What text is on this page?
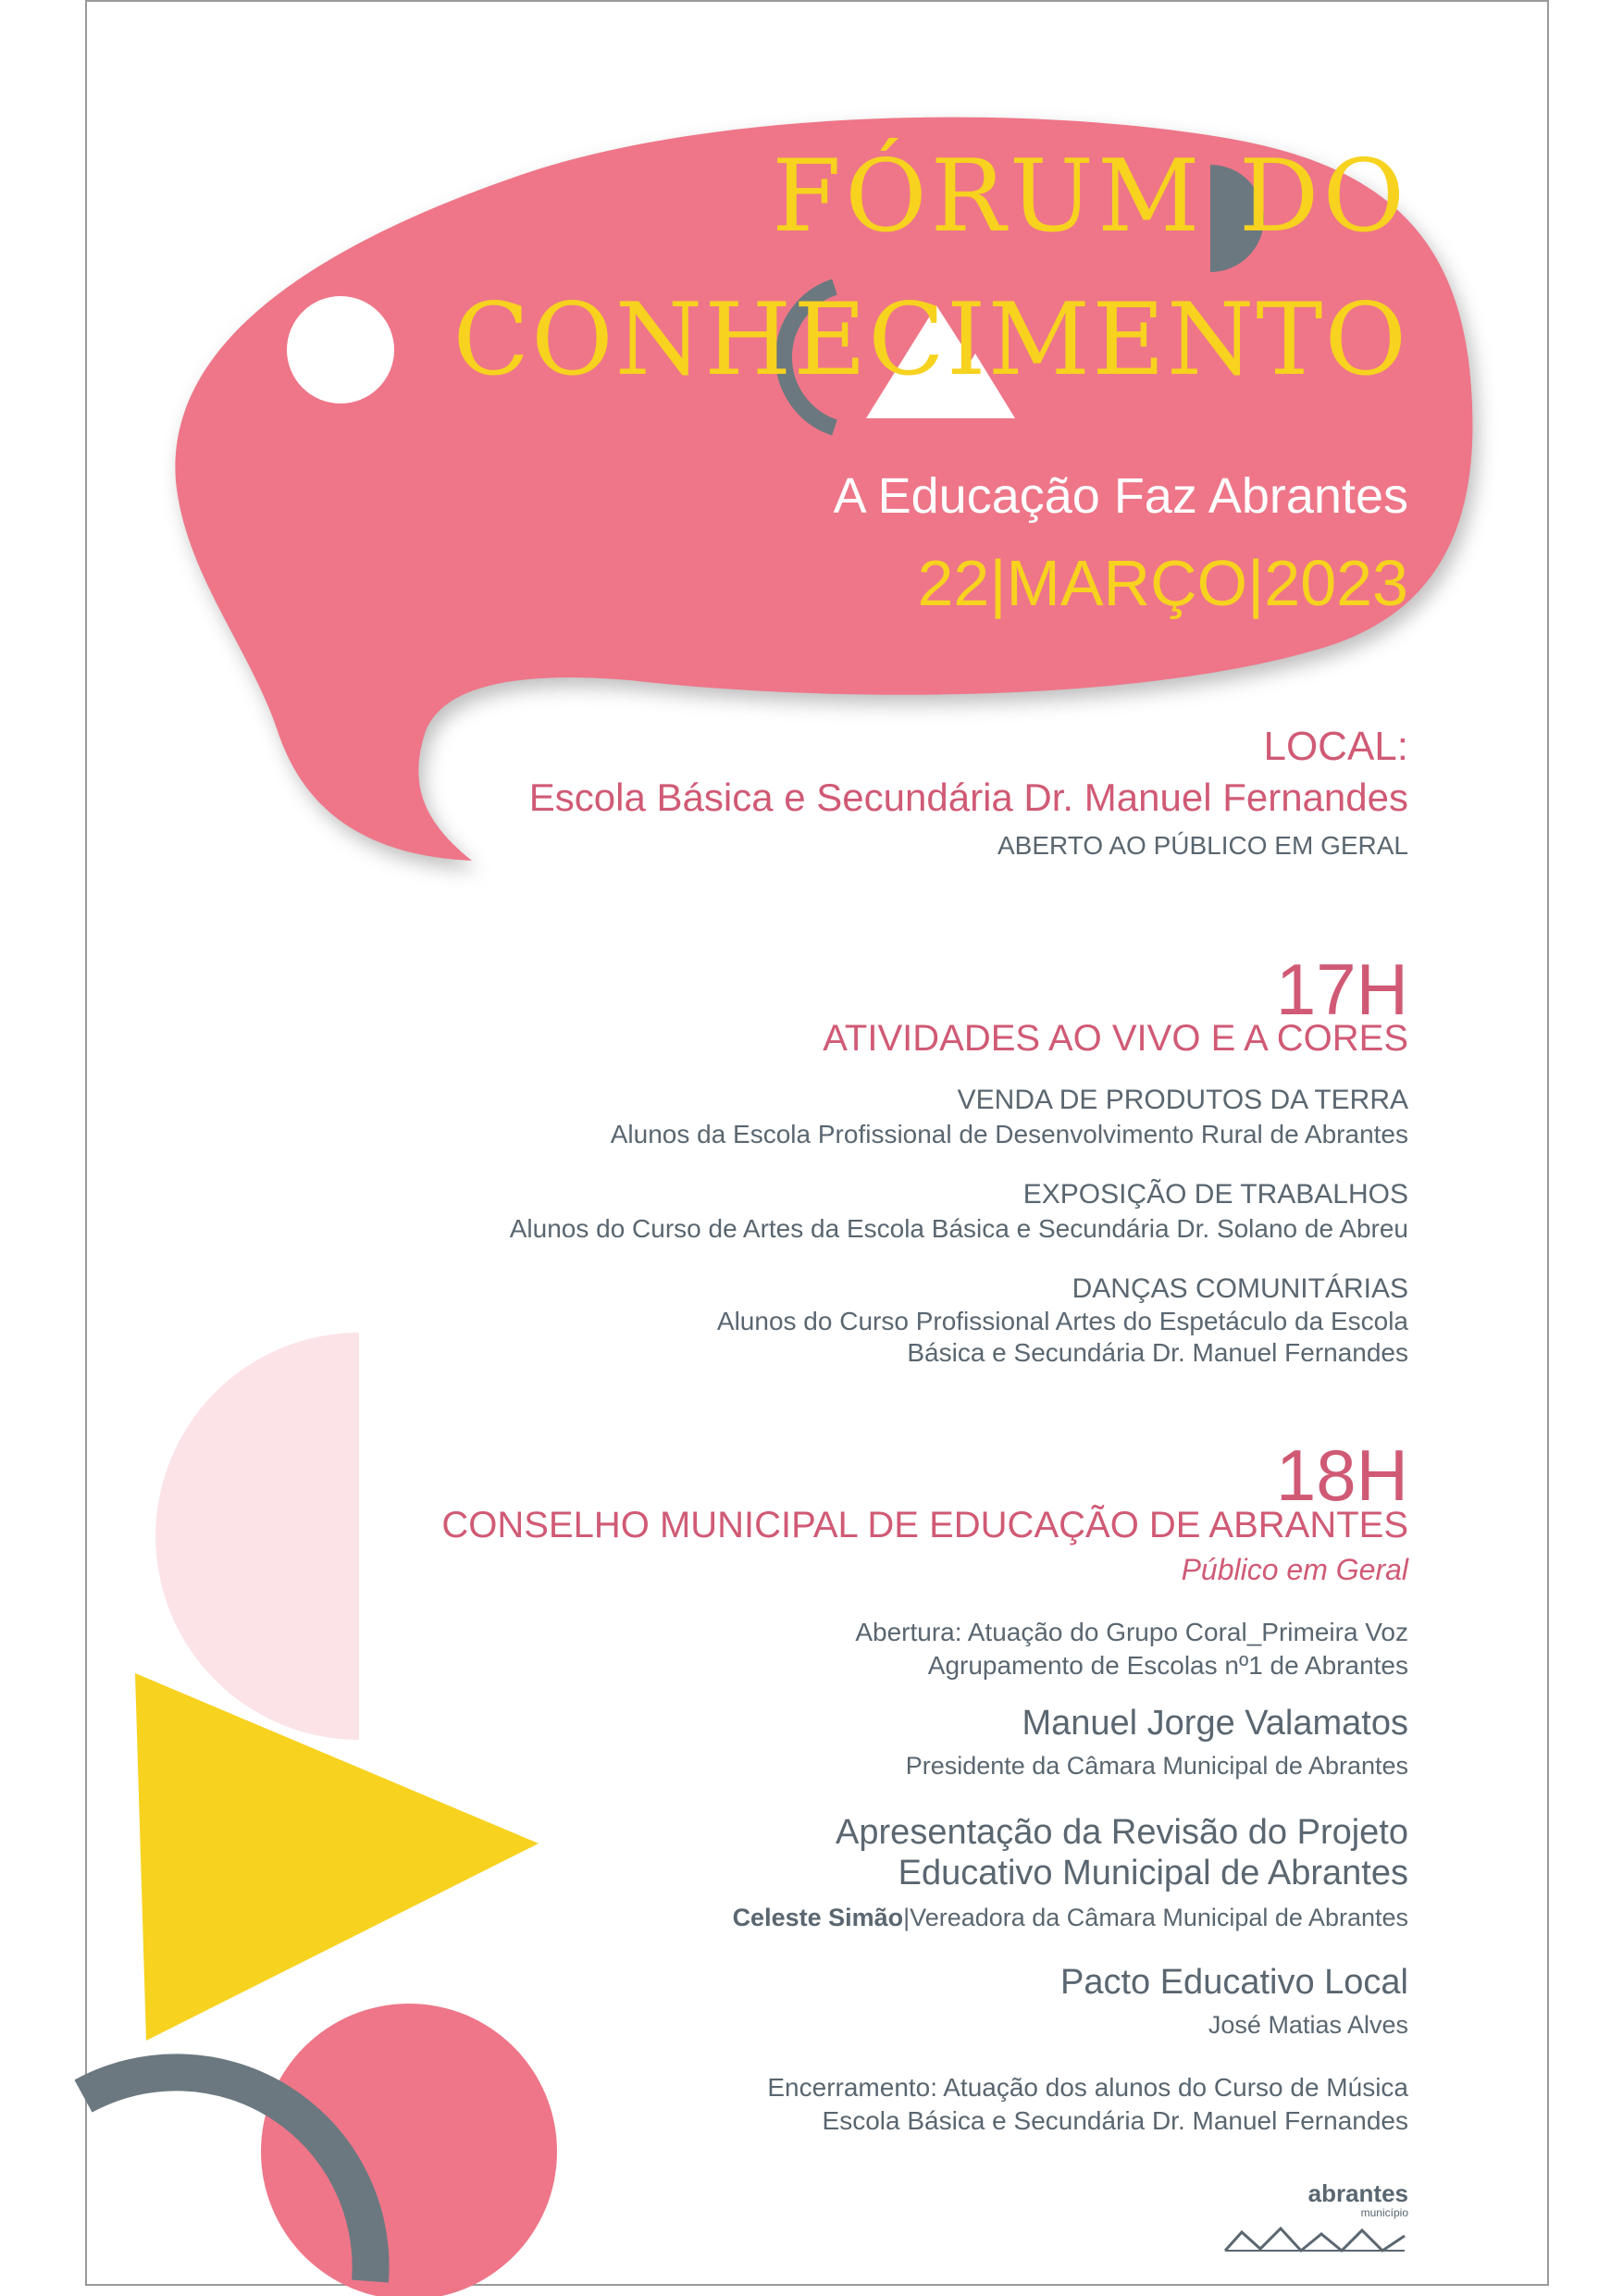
FÓRUM DO
CONHECIMENTO
A Educação Faz Abrantes
22|MARÇO|2023
LOCAL:
Escola Básica e Secundária Dr. Manuel Fernandes
ABERTO AO PÚBLICO EM GERAL
17H
ATIVIDADES AO VIVO E A CORES
VENDA DE PRODUTOS DA TERRA
Alunos da Escola Profissional de Desenvolvimento Rural de Abrantes
EXPOSIÇÃO DE TRABALHOS
Alunos do Curso de Artes da Escola Básica e Secundária Dr. Solano de Abreu
DANÇAS COMUNITÁRIAS
Alunos do Curso Profissional Artes do Espetáculo da Escola
Básica e Secundária Dr. Manuel Fernandes
18H
CONSELHO MUNICIPAL DE EDUCAÇÃO DE ABRANTES
Público em Geral
Abertura: Atuação do Grupo Coral_Primeira Voz
Agrupamento de Escolas nº1 de Abrantes
Manuel Jorge Valamatos
Presidente da Câmara Municipal de Abrantes
Apresentação da Revisão do Projeto
Educativo Municipal de Abrantes
Celeste Simão|Vereadora da Câmara Municipal de Abrantes
Pacto Educativo Local
José Matias Alves
Encerramento: Atuação dos alunos do Curso de Música
Escola Básica e Secundária Dr. Manuel Fernandes
abrantes
município
